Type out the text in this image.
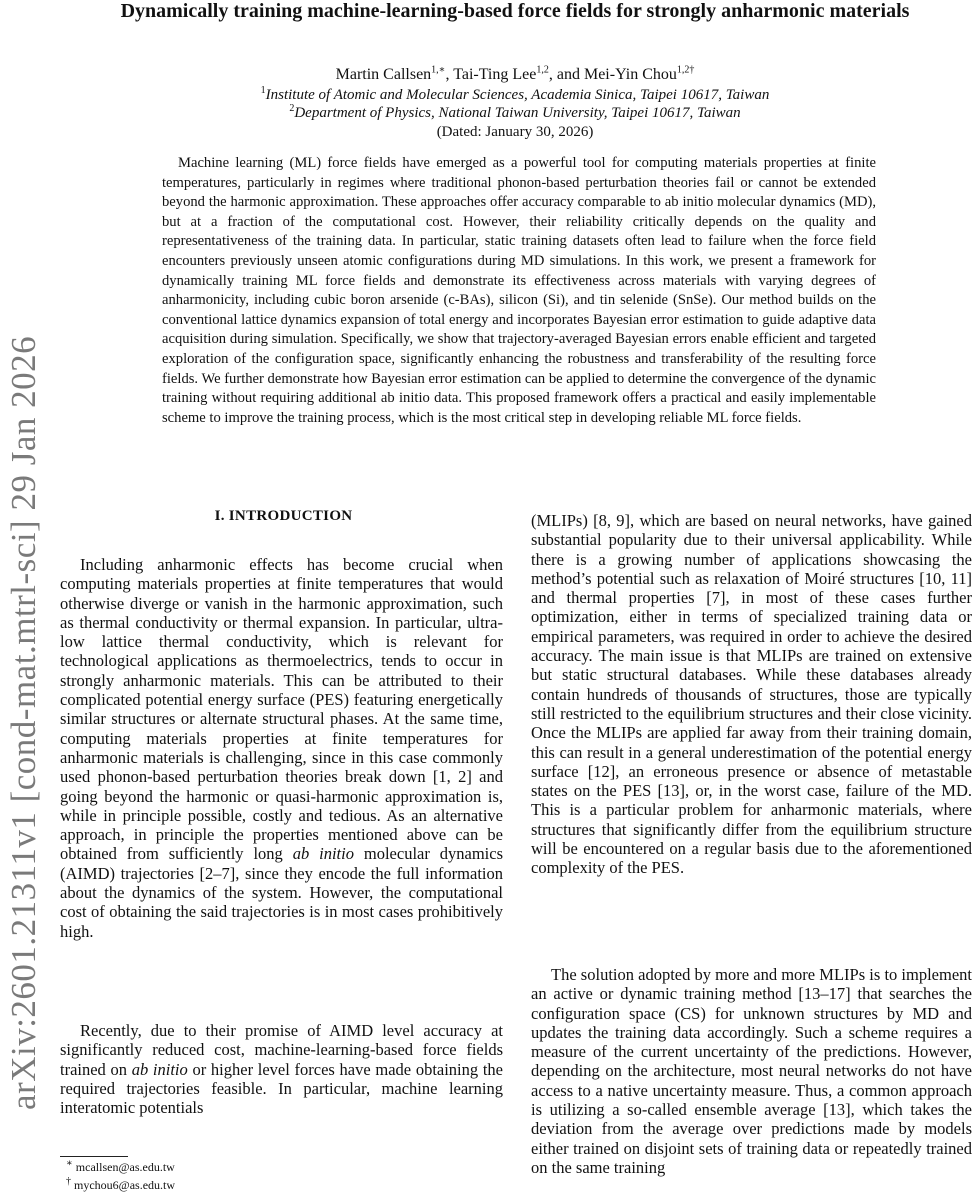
arXiv:2601.21311v1 [cond-mat.mtrl-sci] 29 Jan 2026
Dynamically training machine-learning-based force fields for strongly anharmonic materials
Martin Callsen$^{1,∗}$, Tai-Ting Lee$^{1,2}$, and Mei-Yin Chou$^{1,2\dagger}$
$^1$Institute of Atomic and Molecular Sciences, Academia Sinica, Taipei 10617, Taiwan
$^2$Department of Physics, National Taiwan University, Taipei 10617, Taiwan
(Dated: January 30, 2026)

Machine learning (ML) force fields have emerged as a powerful tool for computing materials properties at finite temperatures, particularly in regimes where traditional phonon-based perturbation theories fail or cannot be extended beyond the harmonic approximation. These approaches offer accuracy comparable to ab initio molecular dynamics (MD), but at a fraction of the computational cost. However, their reliability critically depends on the quality and representativeness of the training data. In particular, static training datasets often lead to failure when the force field encounters previously unseen atomic configurations during MD simulations. In this work, we present a framework for dynamically training ML force fields and demonstrate its effectiveness across materials with varying degrees of anharmonicity, including cubic boron arsenide (c-BAs), silicon (Si), and tin selenide (SnSe). Our method builds on the conventional lattice dynamics expansion of total energy and incorporates Bayesian error estimation to guide adaptive data acquisition during simulation. Specifically, we show that trajectory-averaged Bayesian errors enable efficient and targeted exploration of the configuration space, significantly enhancing the robustness and transferability of the resulting force fields. We further demonstrate how Bayesian error estimation can be applied to determine the convergence of the dynamic training without requiring additional ab initio data. This proposed framework offers a practical and easily implementable scheme to improve the training process, which is the most critical step in developing reliable ML force fields.

I. INTRODUCTION

Including anharmonic effects has become crucial when computing materials properties at finite temperatures that would otherwise diverge or vanish in the harmonic approximation, such as thermal conductivity or thermal expansion. In particular, ultra-low lattice thermal conductivity, which is relevant for technological applications as thermoelectrics, tends to occur in strongly anharmonic materials. This can be attributed to their complicated potential energy surface (PES) featuring energetically similar structures or alternate structural phases. At the same time, computing materials properties at finite temperatures for anharmonic materials is challenging, since in this case commonly used phonon-based perturbation theories break down [1, 2] and going beyond the harmonic or quasi-harmonic approximation is, while in principle possible, costly and tedious. As an alternative approach, in principle the properties mentioned above can be obtained from sufficiently long ab initio molecular dynamics (AIMD) trajectories [2–7], since they encode the full information about the dynamics of the system. However, the computational cost of obtaining the said trajectories is in most cases prohibitively high.

Recently, due to their promise of AIMD level accuracy at significantly reduced cost, machine-learning-based force fields trained on ab initio or higher level forces have made obtaining the required trajectories feasible. In particular, machine learning interatomic potentials

(MLIPs) [8, 9], which are based on neural networks, have gained substantial popularity due to their universal applicability. While there is a growing number of applications showcasing the method’s potential such as relaxation of Moiré structures [10, 11] and thermal properties [7], in most of these cases further optimization, either in terms of specialized training data or empirical parameters, was required in order to achieve the desired accuracy. The main issue is that MLIPs are trained on extensive but static structural databases. While these databases already contain hundreds of thousands of structures, those are typically still restricted to the equilibrium structures and their close vicinity. Once the MLIPs are applied far away from their training domain, this can result in a general underestimation of the potential energy surface [12], an erroneous presence or absence of metastable states on the PES [13], or, in the worst case, failure of the MD. This is a particular problem for anharmonic materials, where structures that significantly differ from the equilibrium structure will be encountered on a regular basis due to the aforementioned complexity of the PES.

The solution adopted by more and more MLIPs is to implement an active or dynamic training method [13–17] that searches the configuration space (CS) for unknown structures by MD and updates the training data accordingly. Such a scheme requires a measure of the current uncertainty of the predictions. However, depending on the architecture, most neural networks do not have access to a native uncertainty measure. Thus, a common approach is utilizing a so-called ensemble average [13], which takes the deviation from the average over predictions made by models either trained on disjoint sets of training data or repeatedly trained on the same training

∗ mcallsen@as.edu.tw
† mychou6@as.edu.tw
